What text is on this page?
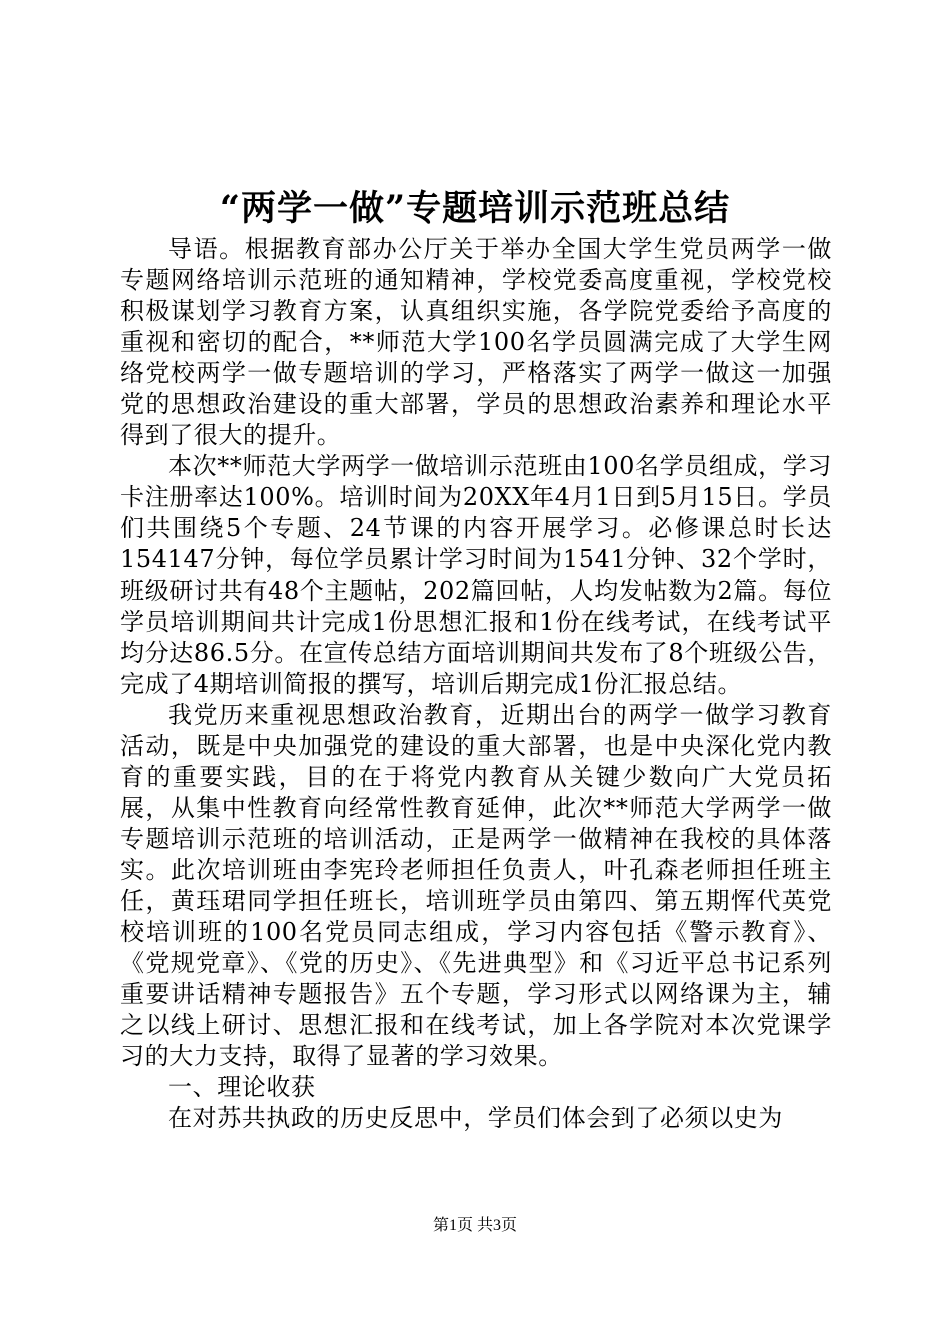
“两学一做”专题培训示范班总结

导语。根据教育部办公厅关于举办全国大学生党员两学一做专题网络培训示范班的通知精神，学校党委高度重视，学校党校积极谋划学习教育方案，认真组织实施，各学院党委给予高度的重视和密切的配合，**师范大学100名学员圆满完成了大学生网络党校两学一做专题培训的学习，严格落实了两学一做这一加强党的思想政治建设的重大部署，学员的思想政治素养和理论水平得到了很大的提升。

本次**师范大学两学一做培训示范班由100名学员组成，学习卡注册率达100%。培训时间为20XX年4月1日到5月15日。学员们共围绕5个专题、24节课的内容开展学习。必修课总时长达154147分钟，每位学员累计学习时间为1541分钟、32个学时，班级研讨共有48个主题帖，202篇回帖，人均发帖数为2篇。每位学员培训期间共计完成1份思想汇报和1份在线考试，在线考试平均分达86.5分。在宣传总结方面培训期间共发布了8个班级公告，完成了4期培训简报的撰写，培训后期完成1份汇报总结。

我党历来重视思想政治教育，近期出台的两学一做学习教育活动，既是中央加强党的建设的重大部署，也是中央深化党内教育的重要实践，目的在于将党内教育从关键少数向广大党员拓展，从集中性教育向经常性教育延伸，此次**师范大学两学一做专题培训示范班的培训活动，正是两学一做精神在我校的具体落实。此次培训班由李宪玲老师担任负责人，叶孔森老师担任班主任，黄珏珺同学担任班长，培训班学员由第四、第五期恽代英党校培训班的100名党员同志组成，学习内容包括《警示教育》、《党规党章》、《党的历史》、《先进典型》和《习近平总书记系列重要讲话精神专题报告》五个专题，学习形式以网络课为主，辅之以线上研讨、思想汇报和在线考试，加上各学院对本次党课学习的大力支持，取得了显著的学习效果。

一、理论收获

在对苏共执政的历史反思中，学员们体会到了必须以史为

第1页 共3页
